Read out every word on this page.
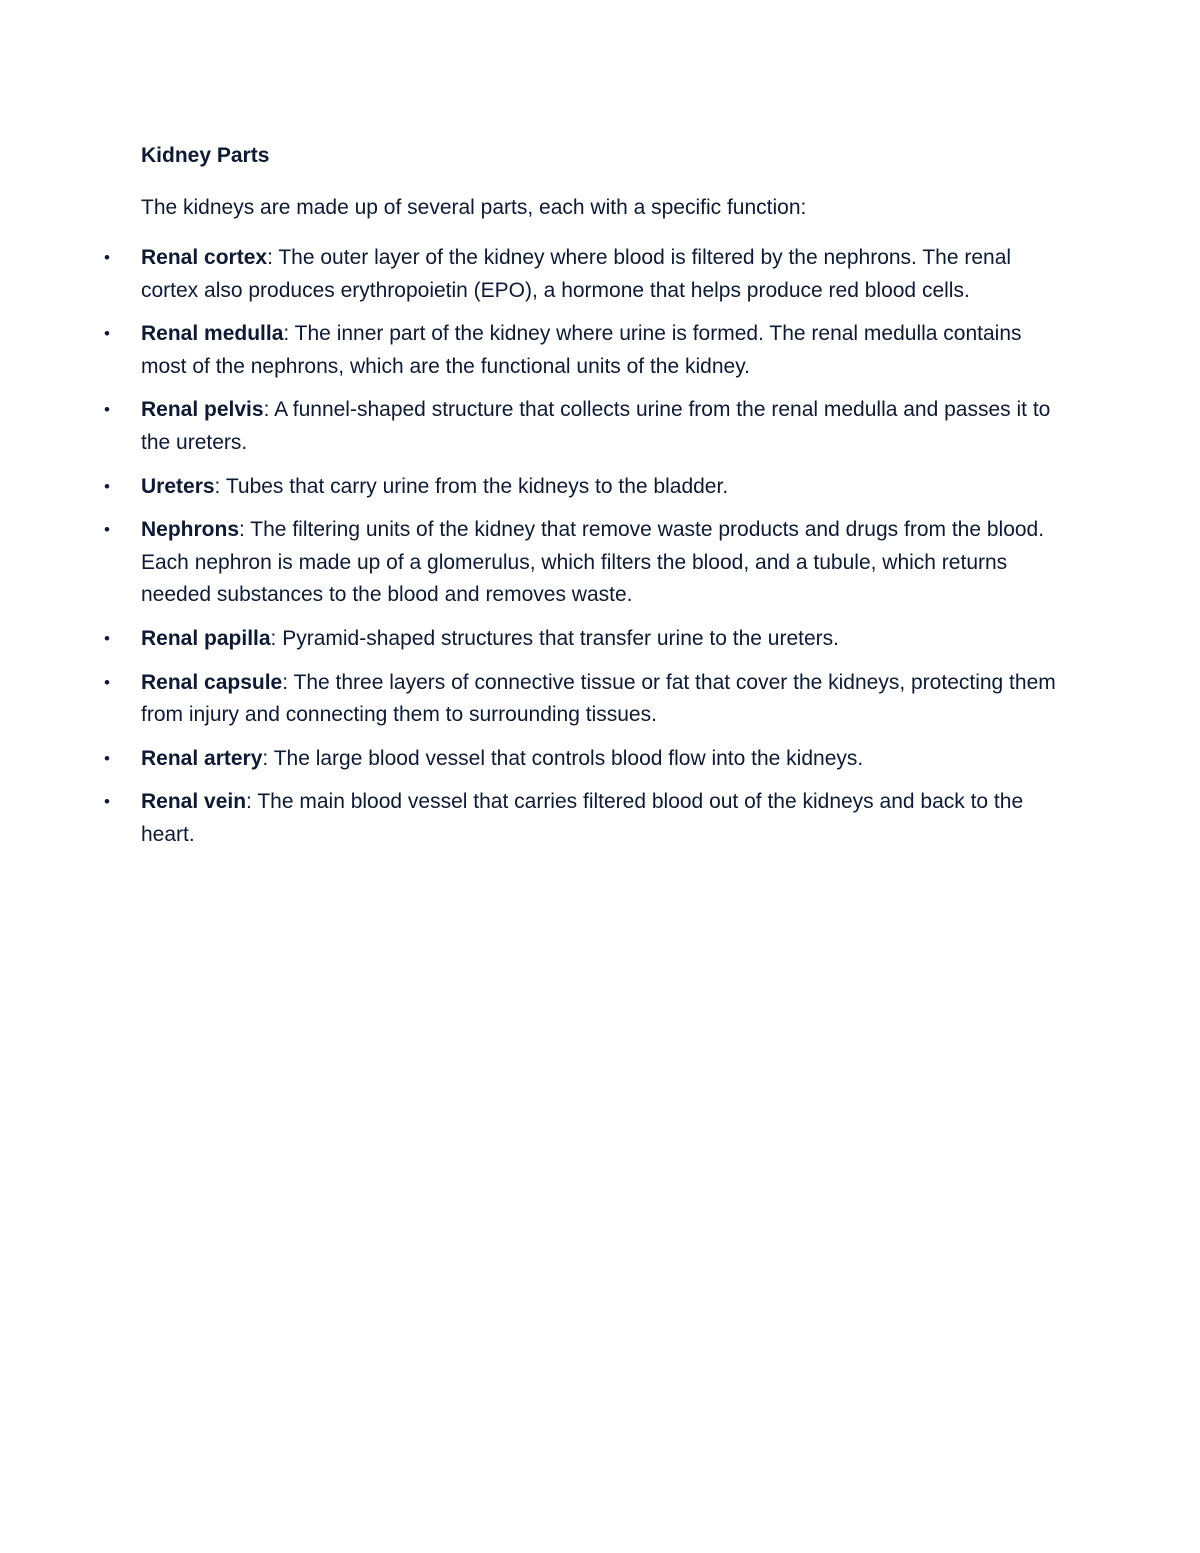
Kidney Parts
The kidneys are made up of several parts, each with a specific function:
• Renal cortex: The outer layer of the kidney where blood is filtered by the nephrons. The renal cortex also produces erythropoietin (EPO), a hormone that helps produce red blood cells.
• Renal medulla: The inner part of the kidney where urine is formed. The renal medulla contains most of the nephrons, which are the functional units of the kidney.
• Renal pelvis: A funnel-shaped structure that collects urine from the renal medulla and passes it to the ureters.
• Ureters: Tubes that carry urine from the kidneys to the bladder.
• Nephrons: The filtering units of the kidney that remove waste products and drugs from the blood. Each nephron is made up of a glomerulus, which filters the blood, and a tubule, which returns needed substances to the blood and removes waste.
• Renal papilla: Pyramid-shaped structures that transfer urine to the ureters.
• Renal capsule: The three layers of connective tissue or fat that cover the kidneys, protecting them from injury and connecting them to surrounding tissues.
• Renal artery: The large blood vessel that controls blood flow into the kidneys.
• Renal vein: The main blood vessel that carries filtered blood out of the kidneys and back to the heart.
